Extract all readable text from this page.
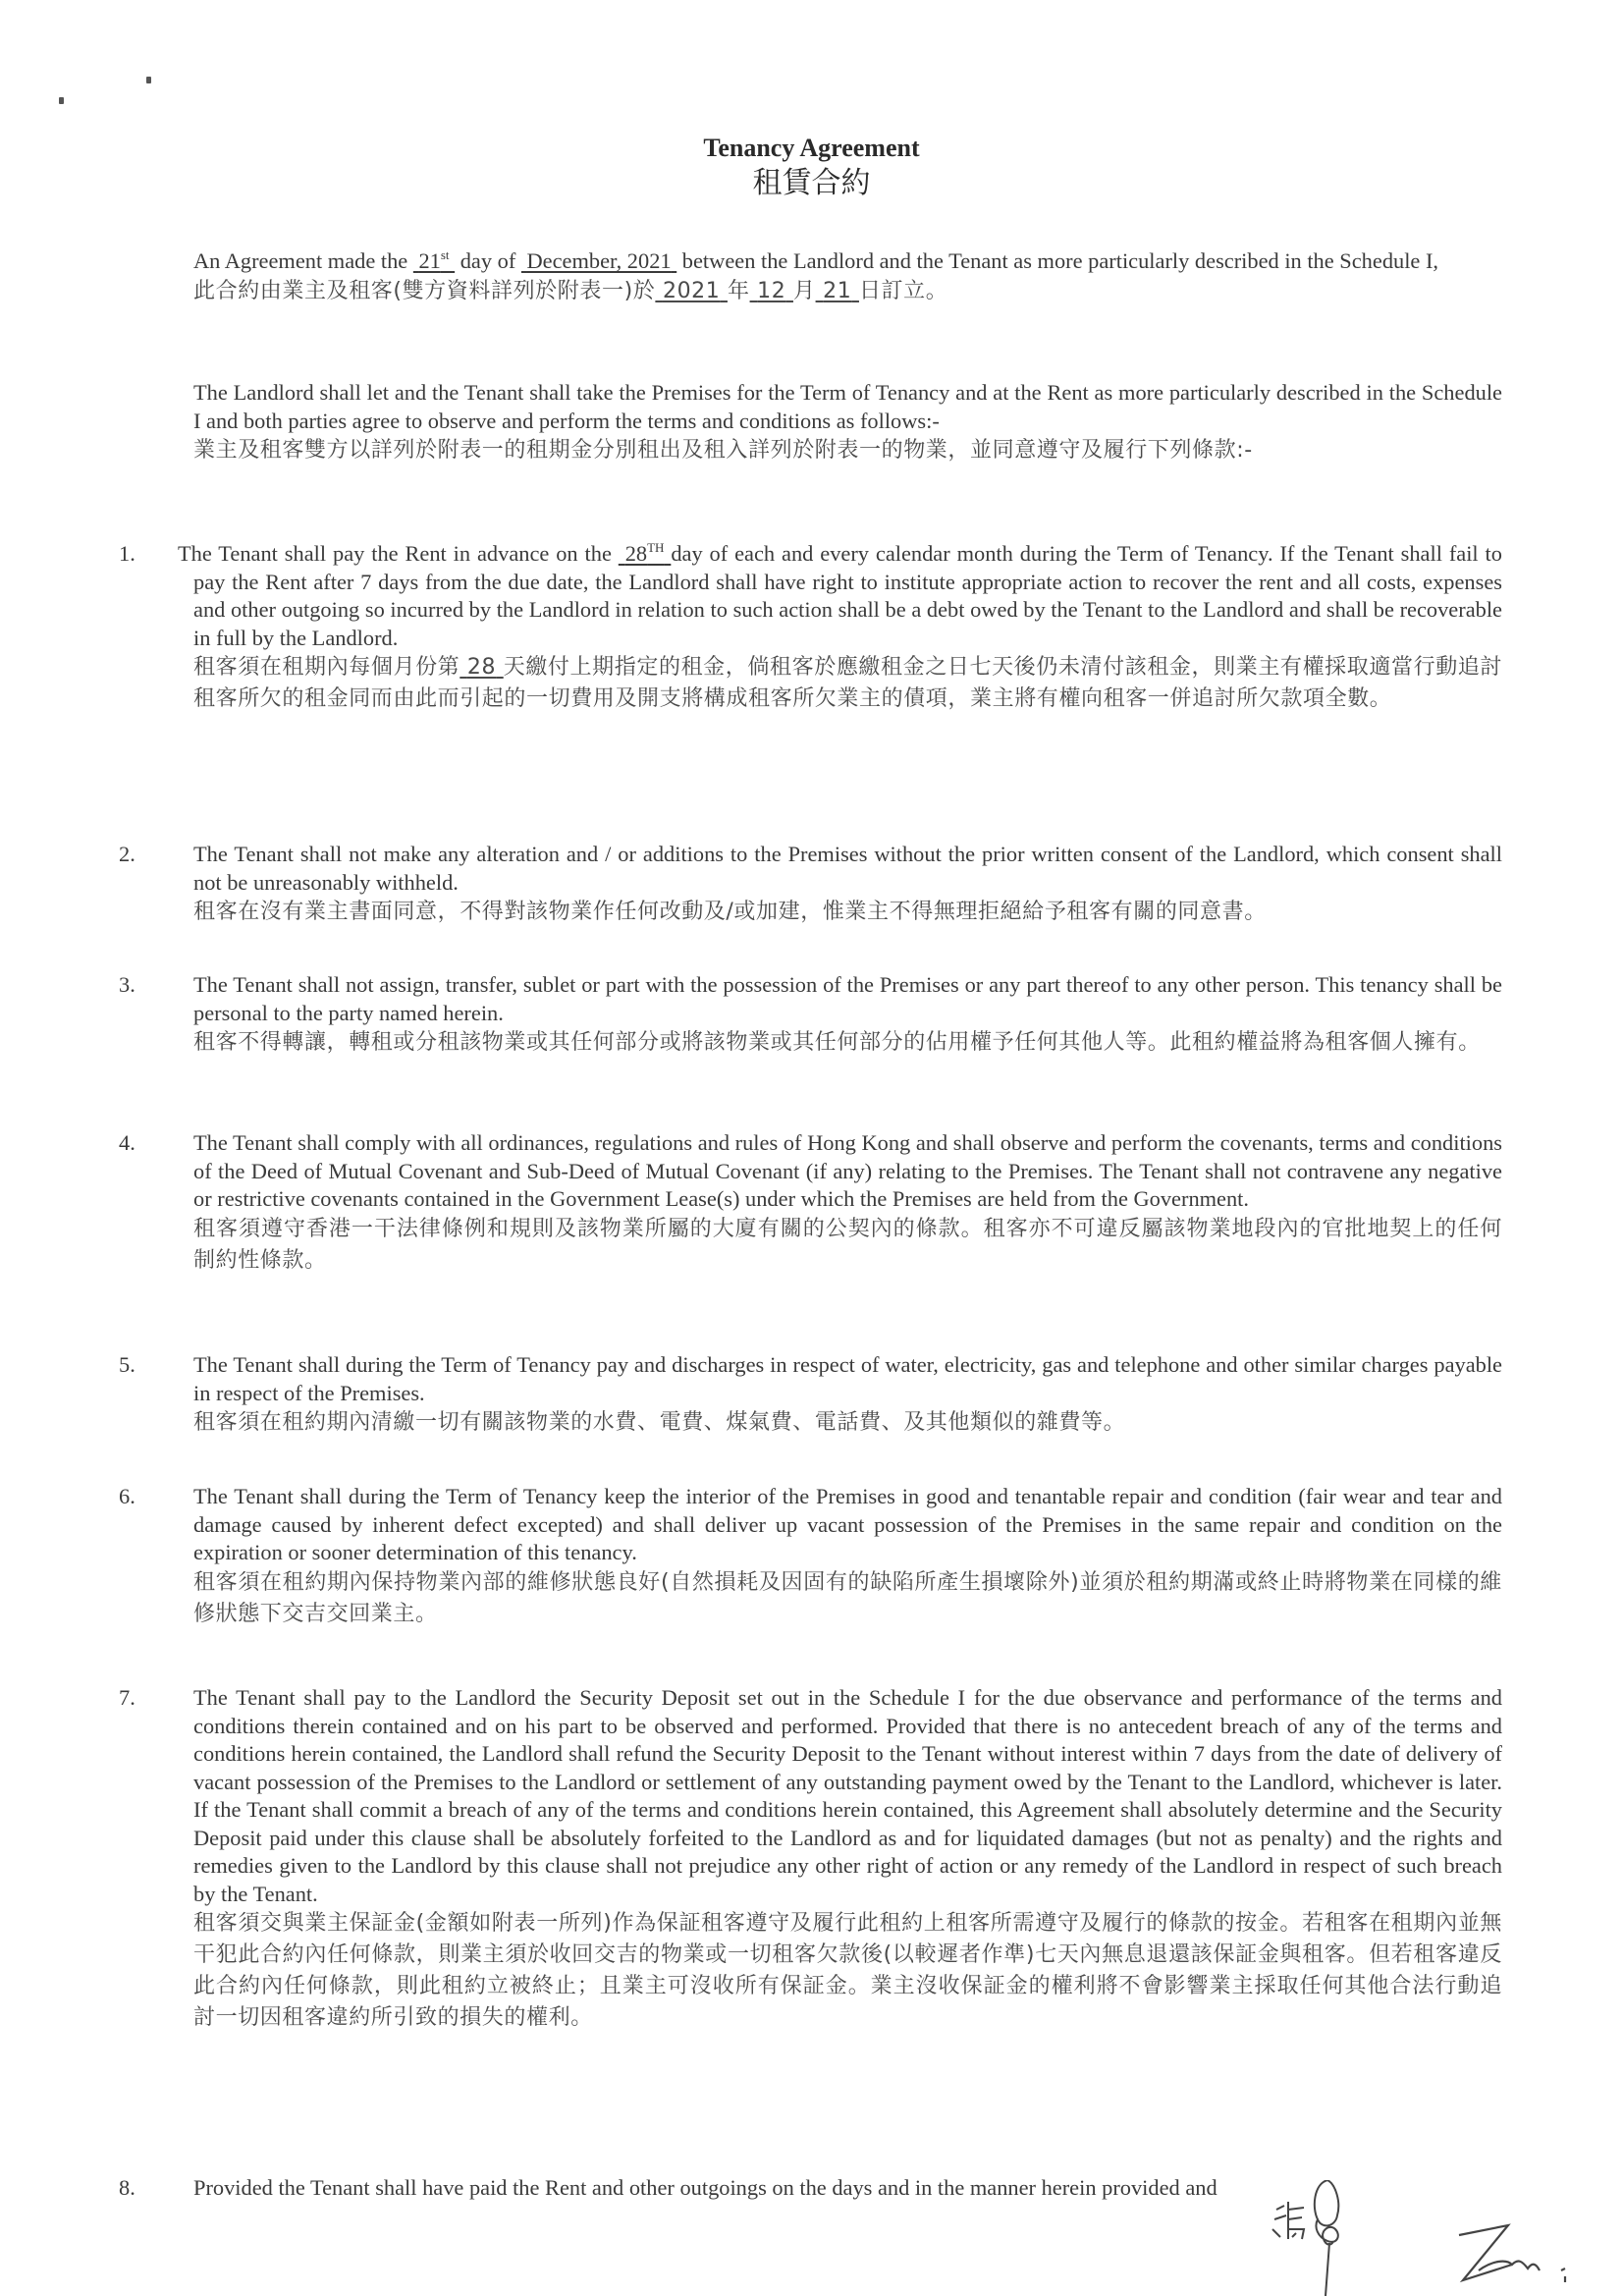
Tenancy Agreement
租賃合約
An Agreement made the  21st  day of  December, 2021  between the Landlord and the Tenant as more particularly described in the Schedule I,
此合約由業主及租客(雙方資料詳列於附表一)於 2021 年 12 月 21 日訂立。
The Landlord shall let and the Tenant shall take the Premises for the Term of Tenancy and at the Rent as more particularly described in the Schedule I and both parties agree to observe and perform the terms and conditions as follows:-
業主及租客雙方以詳列於附表一的租期金分別租出及租入詳列於附表一的物業，並同意遵守及履行下列條款:-
1. The Tenant shall pay the Rent in advance on the  28TH day of each and every calendar month during the Term of Tenancy. If the Tenant shall fail to pay the Rent after 7 days from the due date, the Landlord shall have right to institute appropriate action to recover the rent and all costs, expenses and other outgoing so incurred by the Landlord in relation to such action shall be a debt owed by the Tenant to the Landlord and shall be recoverable in full by the Landlord.
租客須在租期內每個月份第 28 天繳付上期指定的租金，倘租客於應繳租金之日七天後仍未清付該租金，則業主有權採取適當行動追討租客所欠的租金同而由此而引起的一切費用及開支將構成租客所欠業主的債項，業主將有權向租客一併追討所欠款項全數。
2.	The Tenant shall not make any alteration and / or additions to the Premises without the prior written consent of the Landlord, which consent shall not be unreasonably withheld.
租客在沒有業主書面同意，不得對該物業作任何改動及/或加建，惟業主不得無理拒絕給予租客有關的同意書。
3.	The Tenant shall not assign, transfer, sublet or part with the possession of the Premises or any part thereof to any other person. This tenancy shall be personal to the party named herein.
租客不得轉讓，轉租或分租該物業或其任何部分或將該物業或其任何部分的佔用權予任何其他人等。此租約權益將為租客個人擁有。
4.	The Tenant shall comply with all ordinances, regulations and rules of Hong Kong and shall observe and perform the covenants, terms and conditions of the Deed of Mutual Covenant and Sub-Deed of Mutual Covenant (if any) relating to the Premises. The Tenant shall not contravene any negative or restrictive covenants contained in the Government Lease(s) under which the Premises are held from the Government.
租客須遵守香港一干法律條例和規則及該物業所屬的大廈有關的公契內的條款。租客亦不可違反屬該物業地段內的官批地契上的任何制約性條款。
5.	The Tenant shall during the Term of Tenancy pay and discharges in respect of water, electricity, gas and telephone and other similar charges payable in respect of the Premises.
租客須在租約期內清繳一切有關該物業的水費、電費、煤氣費、電話費、及其他類似的雜費等。
6.	The Tenant shall during the Term of Tenancy keep the interior of the Premises in good and tenantable repair and condition (fair wear and tear and damage caused by inherent defect excepted) and shall deliver up vacant possession of the Premises in the same repair and condition on the expiration or sooner determination of this tenancy.
租客須在租約期內保持物業內部的維修狀態良好(自然損耗及因固有的缺陷所產生損壞除外)並須於租約期滿或終止時將物業在同樣的維修狀態下交吉交回業主。
7.	The Tenant shall pay to the Landlord the Security Deposit set out in the Schedule I for the due observance and performance of the terms and conditions therein contained and on his part to be observed and performed. Provided that there is no antecedent breach of any of the terms and conditions herein contained, the Landlord shall refund the Security Deposit to the Tenant without interest within 7 days from the date of delivery of vacant possession of the Premises to the Landlord or settlement of any outstanding payment owed by the Tenant to the Landlord, whichever is later. If the Tenant shall commit a breach of any of the terms and conditions herein contained, this Agreement shall absolutely determine and the Security Deposit paid under this clause shall be absolutely forfeited to the Landlord as and for liquidated damages (but not as penalty) and the rights and remedies given to the Landlord by this clause shall not prejudice any other right of action or any remedy of the Landlord in respect of such breach by the Tenant.
租客須交與業主保証金(金額如附表一所列)作為保証租客遵守及履行此租約上租客所需遵守及履行的條款的按金。若租客在租期內並無干犯此合約內任何條款，則業主須於收回交吉的物業或一切租客欠款後(以較遲者作準)七天內無息退還該保証金與租客。但若租客違反此合約內任何條款，則此租約立被終止；且業主可沒收所有保証金。業主沒收保証金的權利將不會影響業主採取任何其他合法行動追討一切因租客違約所引致的損失的權利。
8.	Provided the Tenant shall have paid the Rent and other outgoings on the days and in the manner herein provided and
